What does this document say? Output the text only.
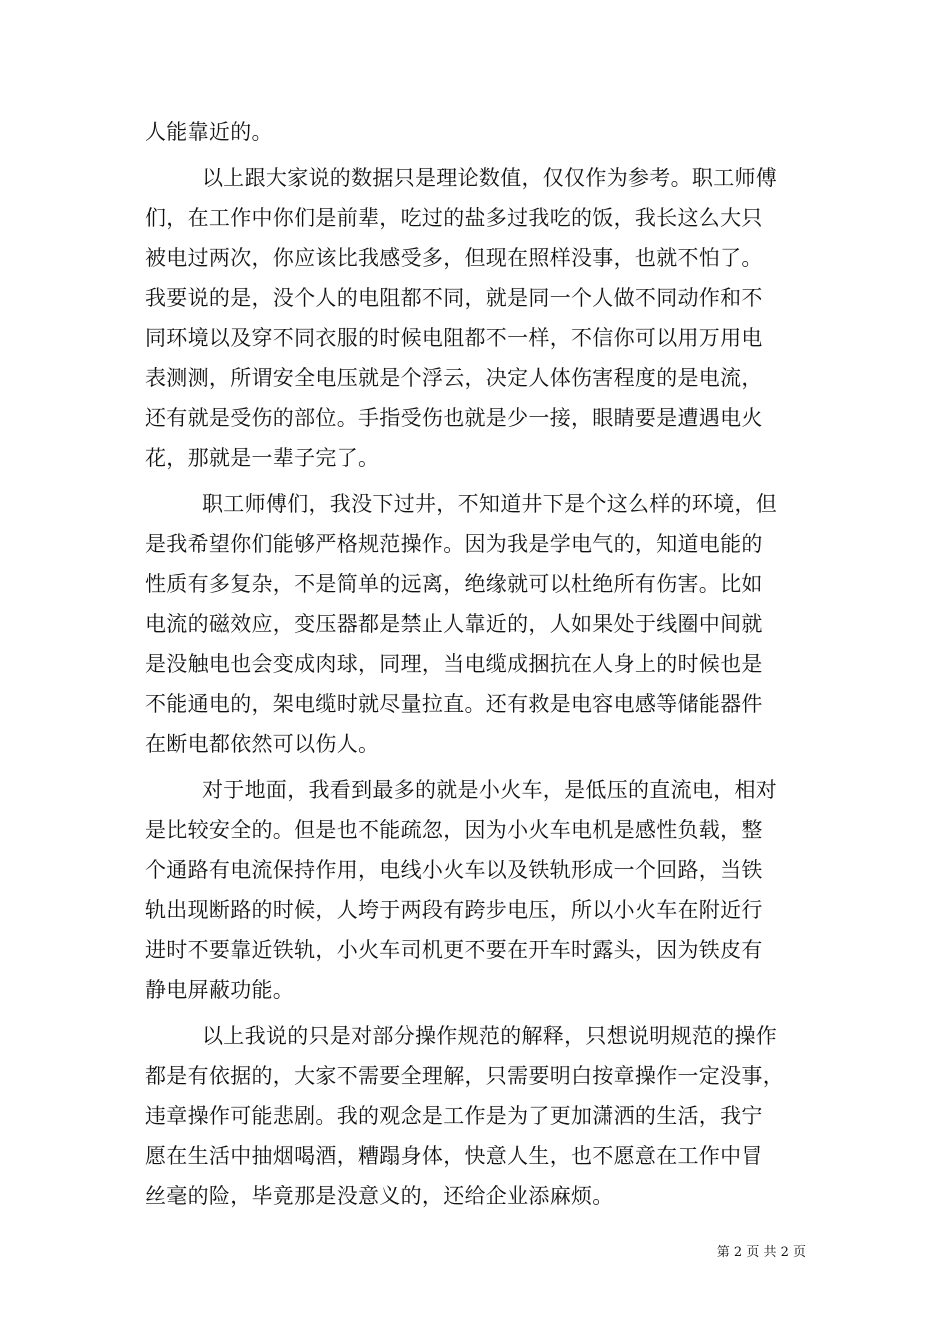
人能靠近的。
以上跟大家说的数据只是理论数值，仅仅作为参考。职工师傅
们，在工作中你们是前辈，吃过的盐多过我吃的饭，我长这么大只
被电过两次，你应该比我感受多，但现在照样没事，也就不怕了。
我要说的是，没个人的电阻都不同，就是同一个人做不同动作和不
同环境以及穿不同衣服的时候电阻都不一样，不信你可以用万用电
表测测，所谓安全电压就是个浮云，决定人体伤害程度的是电流，
还有就是受伤的部位。手指受伤也就是少一接，眼睛要是遭遇电火
花，那就是一辈子完了。
职工师傅们，我没下过井，不知道井下是个这么样的环境，但
是我希望你们能够严格规范操作。因为我是学电气的，知道电能的
性质有多复杂，不是简单的远离，绝缘就可以杜绝所有伤害。比如
电流的磁效应，变压器都是禁止人靠近的，人如果处于线圈中间就
是没触电也会变成肉球，同理，当电缆成捆抗在人身上的时候也是
不能通电的，架电缆时就尽量拉直。还有救是电容电感等储能器件
在断电都依然可以伤人。
对于地面，我看到最多的就是小火车，是低压的直流电，相对
是比较安全的。但是也不能疏忽，因为小火车电机是感性负载，整
个通路有电流保持作用，电线小火车以及铁轨形成一个回路，当铁
轨出现断路的时候，人垮于两段有跨步电压，所以小火车在附近行
进时不要靠近铁轨，小火车司机更不要在开车时露头，因为铁皮有
静电屏蔽功能。
以上我说的只是对部分操作规范的解释，只想说明规范的操作
都是有依据的，大家不需要全理解，只需要明白按章操作一定没事，
违章操作可能悲剧。我的观念是工作是为了更加潇洒的生活，我宁
愿在生活中抽烟喝酒，糟蹋身体，快意人生，也不愿意在工作中冒
丝毫的险，毕竟那是没意义的，还给企业添麻烦。
第 2 页 共 2 页
